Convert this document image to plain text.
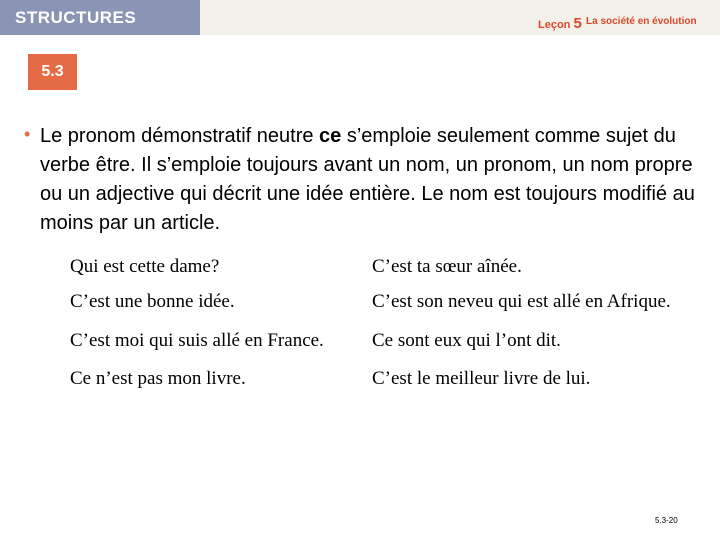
STRUCTURES	Leçon 5 La société en évolution
5.3
• Le pronom démonstratif neutre ce s’emploie seulement comme sujet du verbe être. Il s’emploie toujours avant un nom, un pronom, un nom propre ou un adjective qui décrit une idée entière. Le nom est toujours modifié au moins par un article.
Qui est cette dame?	C’est ta sœur aînée.
C’est une bonne idée.	C’est son neveu qui est allé en Afrique.
C’est moi qui suis allé en France.	Ce sont eux qui l’ont dit.
Ce n’est pas mon livre.	C’est le meilleur livre de lui.
5.3-20
